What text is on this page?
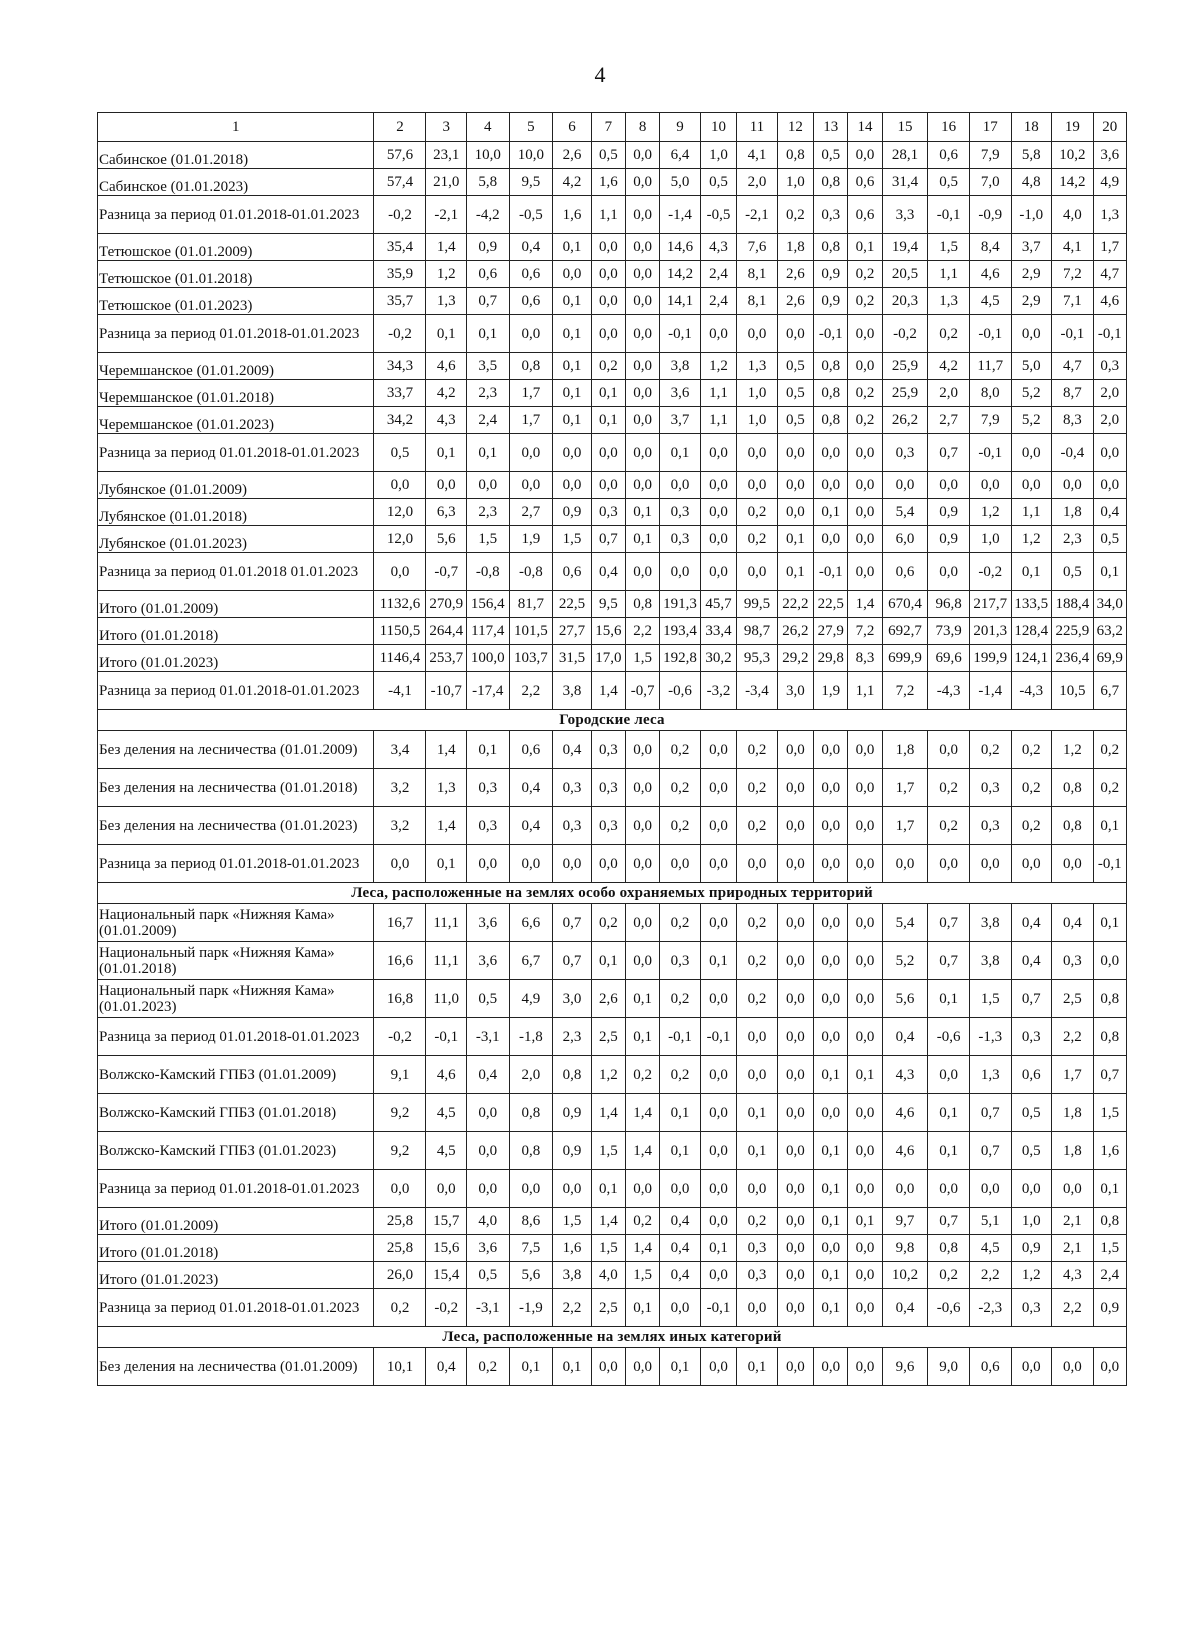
4
1	2	3	4	5	6	7	8	9	10	11	12	13	14	15	16	17	18	19	20
Сабинское (01.01.2018)	57,6	23,1	10,0	10,0	2,6	0,5	0,0	6,4	1,0	4,1	0,8	0,5	0,0	28,1	0,6	7,9	5,8	10,2	3,6
Сабинское (01.01.2023)	57,4	21,0	5,8	9,5	4,2	1,6	0,0	5,0	0,5	2,0	1,0	0,8	0,6	31,4	0,5	7,0	4,8	14,2	4,9
Разница за период 01.01.2018-01.01.2023	-0,2	-2,1	-4,2	-0,5	1,6	1,1	0,0	-1,4	-0,5	-2,1	0,2	0,3	0,6	3,3	-0,1	-0,9	-1,0	4,0	1,3
Тетюшское (01.01.2009)	35,4	1,4	0,9	0,4	0,1	0,0	0,0	14,6	4,3	7,6	1,8	0,8	0,1	19,4	1,5	8,4	3,7	4,1	1,7
Тетюшское (01.01.2018)	35,9	1,2	0,6	0,6	0,0	0,0	0,0	14,2	2,4	8,1	2,6	0,9	0,2	20,5	1,1	4,6	2,9	7,2	4,7
Тетюшское (01.01.2023)	35,7	1,3	0,7	0,6	0,1	0,0	0,0	14,1	2,4	8,1	2,6	0,9	0,2	20,3	1,3	4,5	2,9	7,1	4,6
Разница за период 01.01.2018-01.01.2023	-0,2	0,1	0,1	0,0	0,1	0,0	0,0	-0,1	0,0	0,0	0,0	-0,1	0,0	-0,2	0,2	-0,1	0,0	-0,1	-0,1
Черемшанское (01.01.2009)	34,3	4,6	3,5	0,8	0,1	0,2	0,0	3,8	1,2	1,3	0,5	0,8	0,0	25,9	4,2	11,7	5,0	4,7	0,3
Черемшанское (01.01.2018)	33,7	4,2	2,3	1,7	0,1	0,1	0,0	3,6	1,1	1,0	0,5	0,8	0,2	25,9	2,0	8,0	5,2	8,7	2,0
Черемшанское (01.01.2023)	34,2	4,3	2,4	1,7	0,1	0,1	0,0	3,7	1,1	1,0	0,5	0,8	0,2	26,2	2,7	7,9	5,2	8,3	2,0
Разница за период 01.01.2018-01.01.2023	0,5	0,1	0,1	0,0	0,0	0,0	0,0	0,1	0,0	0,0	0,0	0,0	0,0	0,3	0,7	-0,1	0,0	-0,4	0,0
Лубянское (01.01.2009)	0,0	0,0	0,0	0,0	0,0	0,0	0,0	0,0	0,0	0,0	0,0	0,0	0,0	0,0	0,0	0,0	0,0	0,0	0,0
Лубянское (01.01.2018)	12,0	6,3	2,3	2,7	0,9	0,3	0,1	0,3	0,0	0,2	0,0	0,1	0,0	5,4	0,9	1,2	1,1	1,8	0,4
Лубянское (01.01.2023)	12,0	5,6	1,5	1,9	1,5	0,7	0,1	0,3	0,0	0,2	0,1	0,0	0,0	6,0	0,9	1,0	1,2	2,3	0,5
Разница за период 01.01.2018 01.01.2023	0,0	-0,7	-0,8	-0,8	0,6	0,4	0,0	0,0	0,0	0,0	0,1	-0,1	0,0	0,6	0,0	-0,2	0,1	0,5	0,1
Итого (01.01.2009)	1132,6	270,9	156,4	81,7	22,5	9,5	0,8	191,3	45,7	99,5	22,2	22,5	1,4	670,4	96,8	217,7	133,5	188,4	34,0
Итого (01.01.2018)	1150,5	264,4	117,4	101,5	27,7	15,6	2,2	193,4	33,4	98,7	26,2	27,9	7,2	692,7	73,9	201,3	128,4	225,9	63,2
Итого (01.01.2023)	1146,4	253,7	100,0	103,7	31,5	17,0	1,5	192,8	30,2	95,3	29,2	29,8	8,3	699,9	69,6	199,9	124,1	236,4	69,9
Разница за период 01.01.2018-01.01.2023	-4,1	-10,7	-17,4	2,2	3,8	1,4	-0,7	-0,6	-3,2	-3,4	3,0	1,9	1,1	7,2	-4,3	-1,4	-4,3	10,5	6,7
Городские леса																			
Без деления на лесничества (01.01.2009)	3,4	1,4	0,1	0,6	0,4	0,3	0,0	0,2	0,0	0,2	0,0	0,0	0,0	1,8	0,0	0,2	0,2	1,2	0,2
Без деления на лесничества (01.01.2018)	3,2	1,3	0,3	0,4	0,3	0,3	0,0	0,2	0,0	0,2	0,0	0,0	0,0	1,7	0,2	0,3	0,2	0,8	0,2
Без деления на лесничества (01.01.2023)	3,2	1,4	0,3	0,4	0,3	0,3	0,0	0,2	0,0	0,2	0,0	0,0	0,0	1,7	0,2	0,3	0,2	0,8	0,1
Разница за период 01.01.2018-01.01.2023	0,0	0,1	0,0	0,0	0,0	0,0	0,0	0,0	0,0	0,0	0,0	0,0	0,0	0,0	0,0	0,0	0,0	0,0	-0,1
Леса, расположенные на землях особо охраняемых природных территорий																			
Национальный парк «Нижняя Кама» (01.01.2009)	16,7	11,1	3,6	6,6	0,7	0,2	0,0	0,2	0,0	0,2	0,0	0,0	0,0	5,4	0,7	3,8	0,4	0,4	0,1
Национальный парк «Нижняя Кама» (01.01.2018)	16,6	11,1	3,6	6,7	0,7	0,1	0,0	0,3	0,1	0,2	0,0	0,0	0,0	5,2	0,7	3,8	0,4	0,3	0,0
Национальный парк «Нижняя Кама» (01.01.2023)	16,8	11,0	0,5	4,9	3,0	2,6	0,1	0,2	0,0	0,2	0,0	0,0	0,0	5,6	0,1	1,5	0,7	2,5	0,8
Разница за период 01.01.2018-01.01.2023	-0,2	-0,1	-3,1	-1,8	2,3	2,5	0,1	-0,1	-0,1	0,0	0,0	0,0	0,0	0,4	-0,6	-1,3	0,3	2,2	0,8
Волжско-Камский ГПБЗ (01.01.2009)	9,1	4,6	0,4	2,0	0,8	1,2	0,2	0,2	0,0	0,0	0,0	0,1	0,1	4,3	0,0	1,3	0,6	1,7	0,7
Волжско-Камский ГПБЗ (01.01.2018)	9,2	4,5	0,0	0,8	0,9	1,4	1,4	0,1	0,0	0,1	0,0	0,0	0,0	4,6	0,1	0,7	0,5	1,8	1,5
Волжско-Камский ГПБЗ (01.01.2023)	9,2	4,5	0,0	0,8	0,9	1,5	1,4	0,1	0,0	0,1	0,0	0,1	0,0	4,6	0,1	0,7	0,5	1,8	1,6
Разница за период 01.01.2018-01.01.2023	0,0	0,0	0,0	0,0	0,0	0,1	0,0	0,0	0,0	0,0	0,0	0,1	0,0	0,0	0,0	0,0	0,0	0,0	0,1
Итого (01.01.2009)	25,8	15,7	4,0	8,6	1,5	1,4	0,2	0,4	0,0	0,2	0,0	0,1	0,1	9,7	0,7	5,1	1,0	2,1	0,8
Итого (01.01.2018)	25,8	15,6	3,6	7,5	1,6	1,5	1,4	0,4	0,1	0,3	0,0	0,0	0,0	9,8	0,8	4,5	0,9	2,1	1,5
Итого (01.01.2023)	26,0	15,4	0,5	5,6	3,8	4,0	1,5	0,4	0,0	0,3	0,0	0,1	0,0	10,2	0,2	2,2	1,2	4,3	2,4
Разница за период 01.01.2018-01.01.2023	0,2	-0,2	-3,1	-1,9	2,2	2,5	0,1	0,0	-0,1	0,0	0,0	0,1	0,0	0,4	-0,6	-2,3	0,3	2,2	0,9
Леса, расположенные на землях иных категорий																			
Без деления на лесничества (01.01.2009)	10,1	0,4	0,2	0,1	0,1	0,0	0,0	0,1	0,0	0,1	0,0	0,0	0,0	9,6	9,0	0,6	0,0	0,0	0,0
